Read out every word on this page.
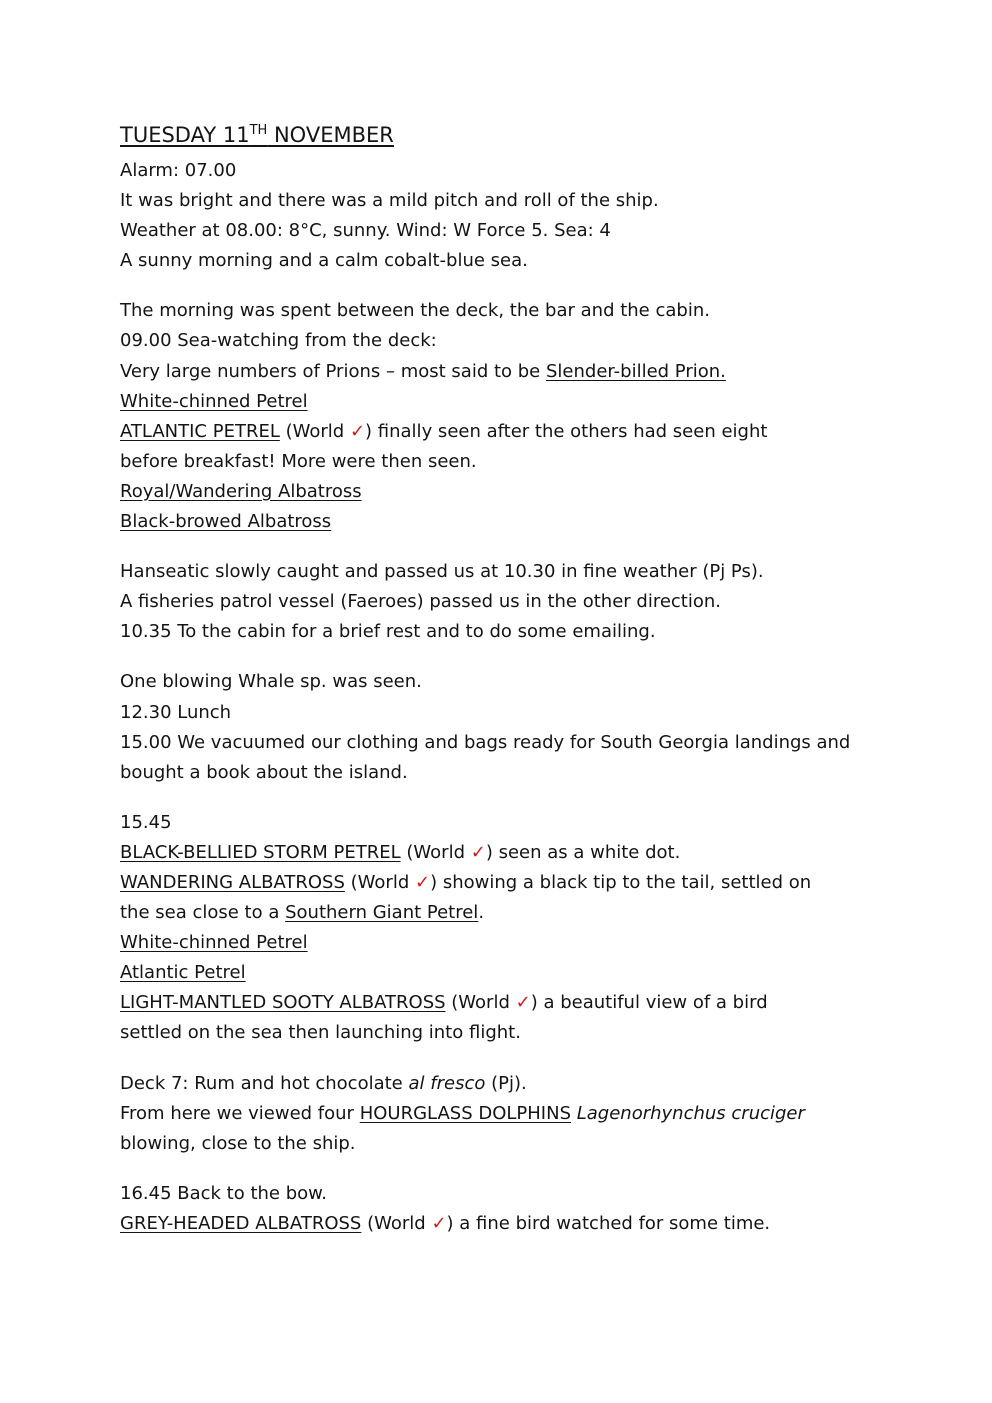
TUESDAY 11TH NOVEMBER
Alarm: 07.00
It was bright and there was a mild pitch and roll of the ship.
Weather at 08.00: 8°C, sunny. Wind: W Force 5. Sea: 4
A sunny morning and a calm cobalt-blue sea.
The morning was spent between the deck, the bar and the cabin.
09.00 Sea-watching from the deck:
Very large numbers of Prions – most said to be Slender-billed Prion.
White-chinned Petrel
ATLANTIC PETREL (World ✓) finally seen after the others had seen eight
before breakfast! More were then seen.
Royal/Wandering Albatross
Black-browed Albatross
Hanseatic slowly caught and passed us at 10.30 in fine weather (Pj Ps).
A fisheries patrol vessel (Faeroes) passed us in the other direction.
10.35 To the cabin for a brief rest and to do some emailing.
One blowing Whale sp. was seen.
12.30 Lunch
15.00 We vacuumed our clothing and bags ready for South Georgia landings and
bought a book about the island.
15.45
BLACK-BELLIED STORM PETREL (World ✓) seen as a white dot.
WANDERING ALBATROSS (World ✓) showing a black tip to the tail, settled on
the sea close to a Southern Giant Petrel.
White-chinned Petrel
Atlantic Petrel
LIGHT-MANTLED SOOTY ALBATROSS (World ✓) a beautiful view of a bird
settled on the sea then launching into flight.
Deck 7: Rum and hot chocolate al fresco (Pj).
From here we viewed four HOURGLASS DOLPHINS Lagenorhynchus cruciger
blowing, close to the ship.
16.45 Back to the bow.
GREY-HEADED ALBATROSS (World ✓) a fine bird watched for some time.
